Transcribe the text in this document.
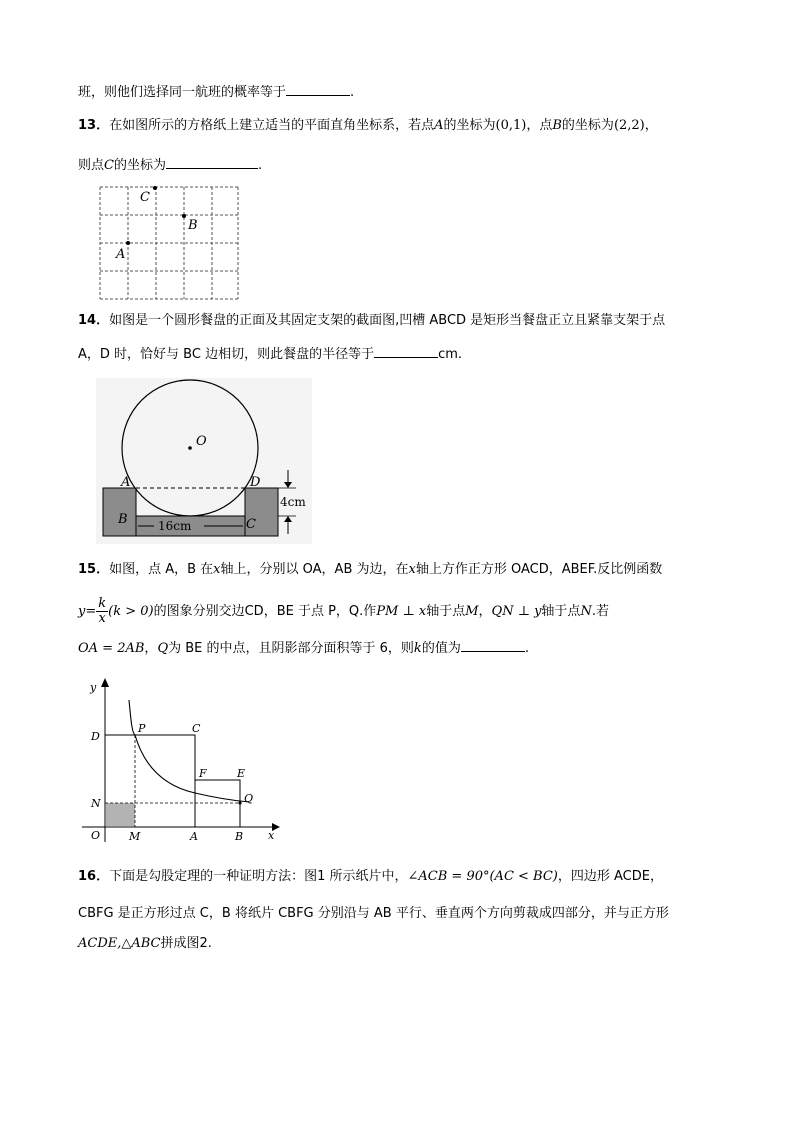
班，则他们选择同一航班的概率等于	.
13．在如图所示的方格纸上建立适当的平面直角坐标系，若点A的坐标为(0,1)，点B的坐标为(2,2)，
则点C的坐标为	.
C
B
A
14．如图是一个圆形餐盘的正面及其固定支架的截面图,凹槽 ABCD 是矩形当餐盘正立且紧靠支架于点
A，D 时，恰好与 BC 边相切，则此餐盘的半径等于	cm.
O
A	D
B	C
16cm
4cm
15．如图，点 A，B 在x轴上，分别以 OA，AB 为边，在x轴上方作正方形 OACD，ABEF.反比例函数
$y= \frac{k}{x} (k > 0)$的图象分别交边CD，BE 于点 P，Q.作PM ⊥ x轴于点M，QN ⊥ y轴于点N.若
OA = 2AB，Q为 BE 的中点，且阴影部分面积等于 6，则k的值为	.
y
x
D
P	C
F	E
N	Q
O	M	A	B
16．下面是勾股定理的一种证明方法：图1 所示纸片中，∠ACB = 90°(AC < BC)，四边形 ACDE，
CBFG 是正方形过点 C，B 将纸片 CBFG 分别沿与 AB 平行、垂直两个方向剪裁成四部分，并与正方形
ACDE,△ABC拼成图2.
